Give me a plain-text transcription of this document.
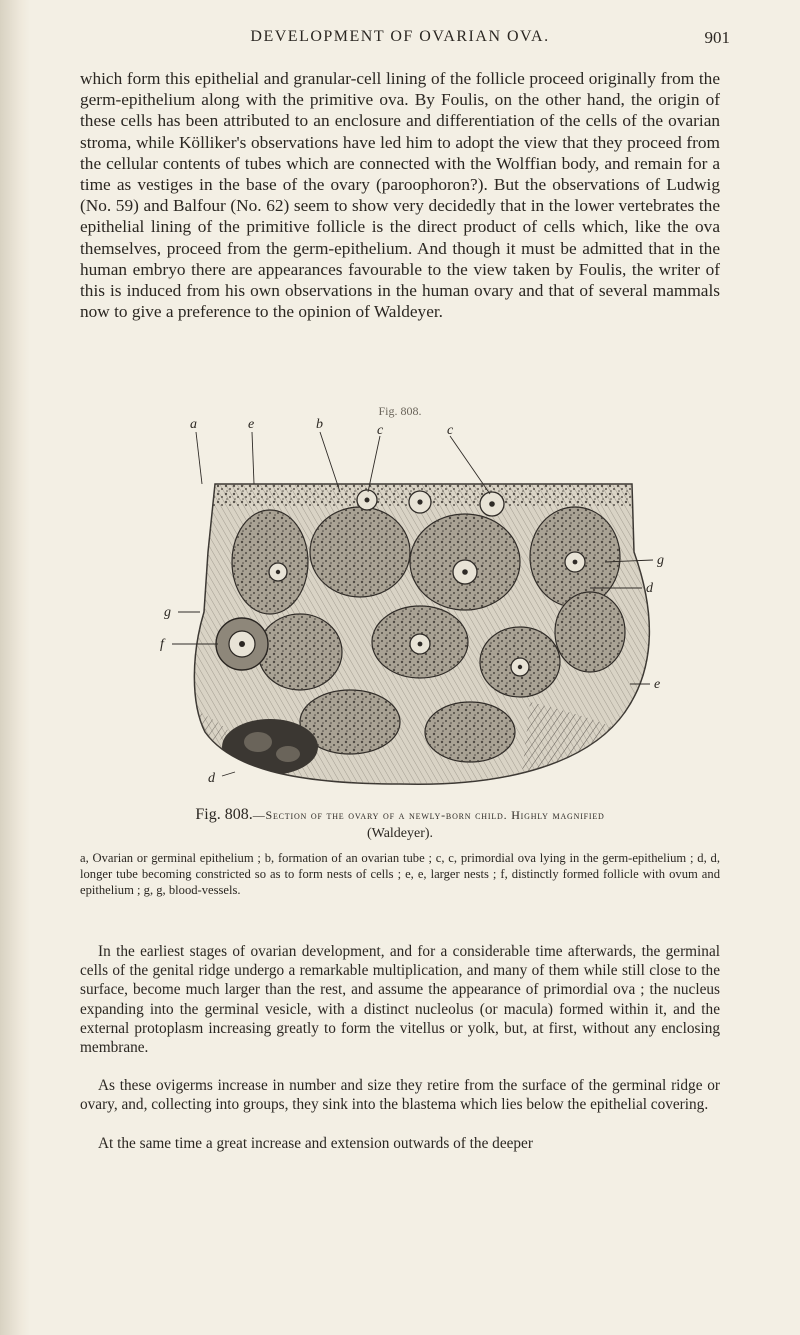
DEVELOPMENT OF OVARIAN OVA.	901

which form this epithelial and granular-cell lining of the follicle proceed originally from the germ-epithelium along with the primitive ova. By Foulis, on the other hand, the origin of these cells has been attributed to an enclosure and differentiation of the cells of the ovarian stroma, while Kölliker's observations have led him to adopt the view that they proceed from the cellular contents of tubes which are connected with the Wolffian body, and remain for a time as vestiges in the base of the ovary (paroophoron?). But the observations of Ludwig (No. 59) and Balfour (No. 62) seem to show very decidedly that in the lower vertebrates the epithelial lining of the primitive follicle is the direct product of cells which, like the ova themselves, proceed from the germ-epithelium. And though it must be admitted that in the human embryo there are appearances favourable to the view taken by Foulis, the writer of this is induced from his own observations in the human ovary and that of several mammals now to give a preference to the opinion of Waldeyer.

Fig. 808.
a	e	b	c	c
g
d
g
f
e
d
Fig. 808.—Section of the ovary of a newly-born child. Highly magnified
(Waldeyer).

a, Ovarian or germinal epithelium ; b, formation of an ovarian tube ; c, c, primordial ova lying in the germ-epithelium ; d, d, longer tube becoming constricted so as to form nests of cells ; e, e, larger nests ; f, distinctly formed follicle with ovum and epithelium ; g, g, blood-vessels.

In the earliest stages of ovarian development, and for a considerable time afterwards, the germinal cells of the genital ridge undergo a remarkable multiplication, and many of them while still close to the surface, become much larger than the rest, and assume the appearance of primordial ova ; the nucleus expanding into the germinal vesicle, with a distinct nucleolus (or macula) formed within it, and the external protoplasm increasing greatly to form the vitellus or yolk, but, at first, without any enclosing membrane.

As these ovigerms increase in number and size they retire from the surface of the germinal ridge or ovary, and, collecting into groups, they sink into the blastema which lies below the epithelial covering.

At the same time a great increase and extension outwards of the deeper
